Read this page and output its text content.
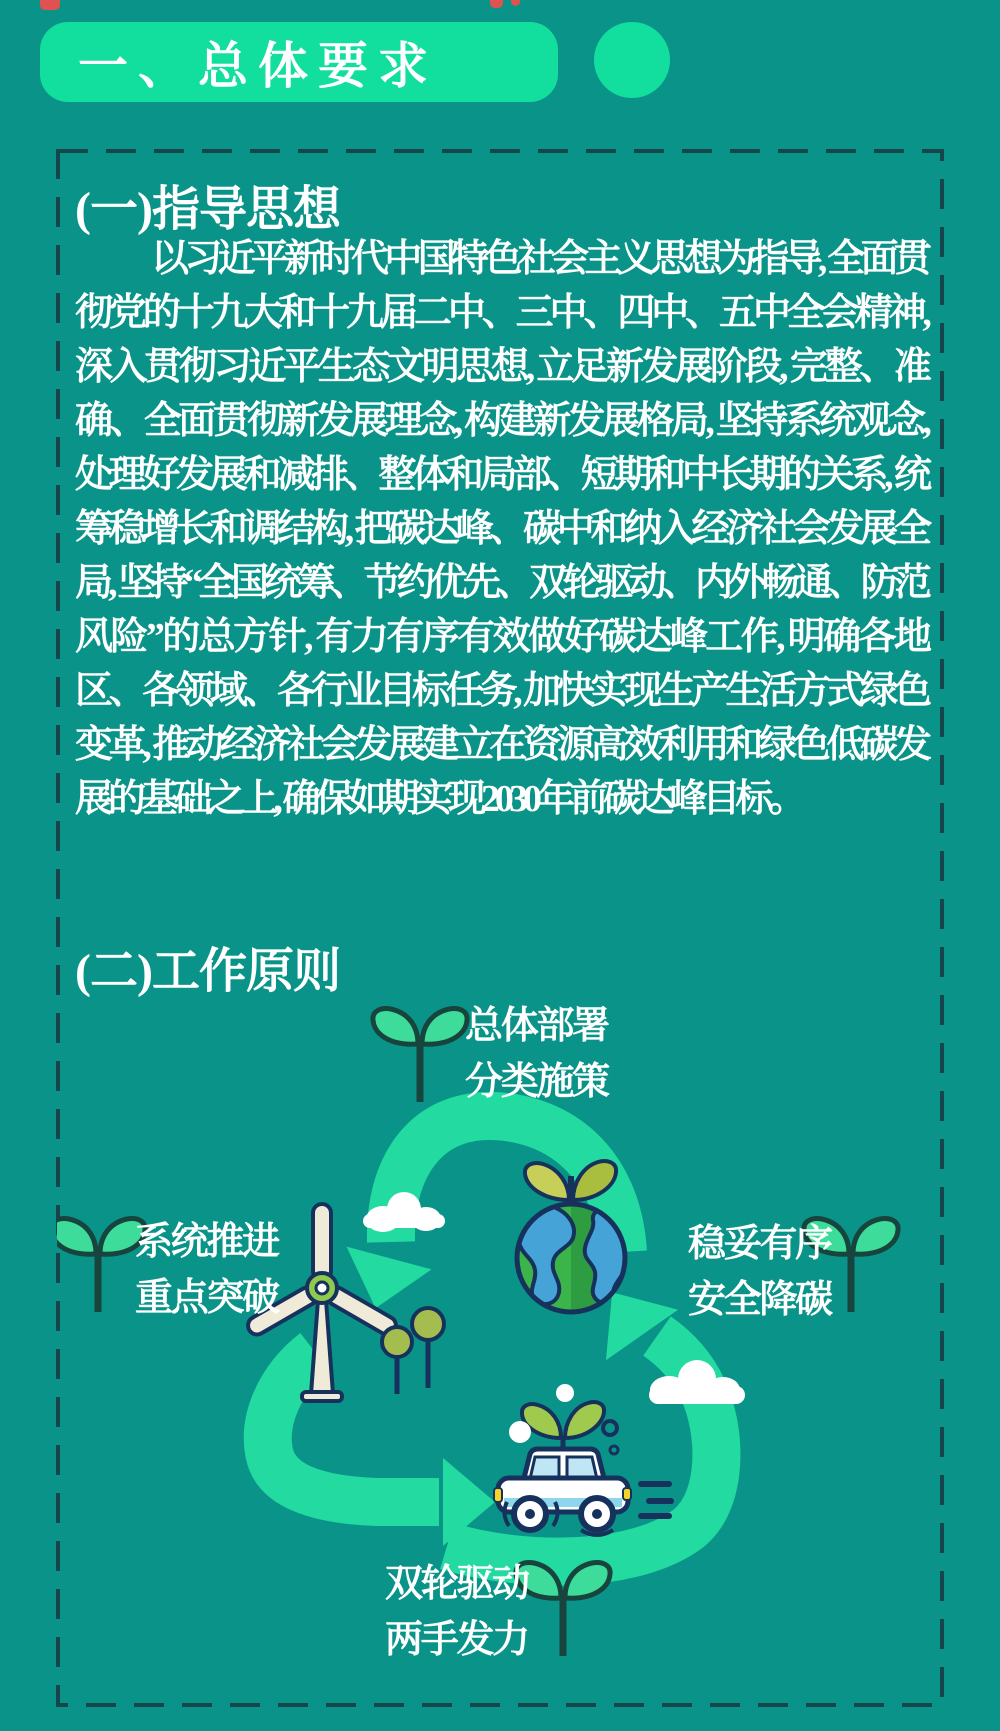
一、总体要求
(一)指导思想
以习近平新时代中国特色社会主义思想为指导, 全面贯彻党的十九大和十九届二中、三中、四中、五中全会精神, 深入贯彻习近平生态文明思想, 立足新发展阶段, 完整、准确、全面贯彻新发展理念, 构建新发展格局, 坚持系统观念, 处理好发展和减排、整体和局部、短期和中长期的关系, 统筹稳增长和调结构, 把碳达峰、碳中和纳入经济社会发展全局, 坚持“全国统筹、节约优先、双轮驱动、内外畅通、防范风险”的总方针, 有力有序有效做好碳达峰工作, 明确各地区、各领域、各行业目标任务, 加快实现生产生活方式绿色变革, 推动经济社会发展建立在资源高效利用和绿色低碳发展的基础之上, 确保如期实现2030年前碳达峰目标。
(二)工作原则
总体部署
分类施策
系统推进
重点突破
稳妥有序
安全降碳
双轮驱动
两手发力
